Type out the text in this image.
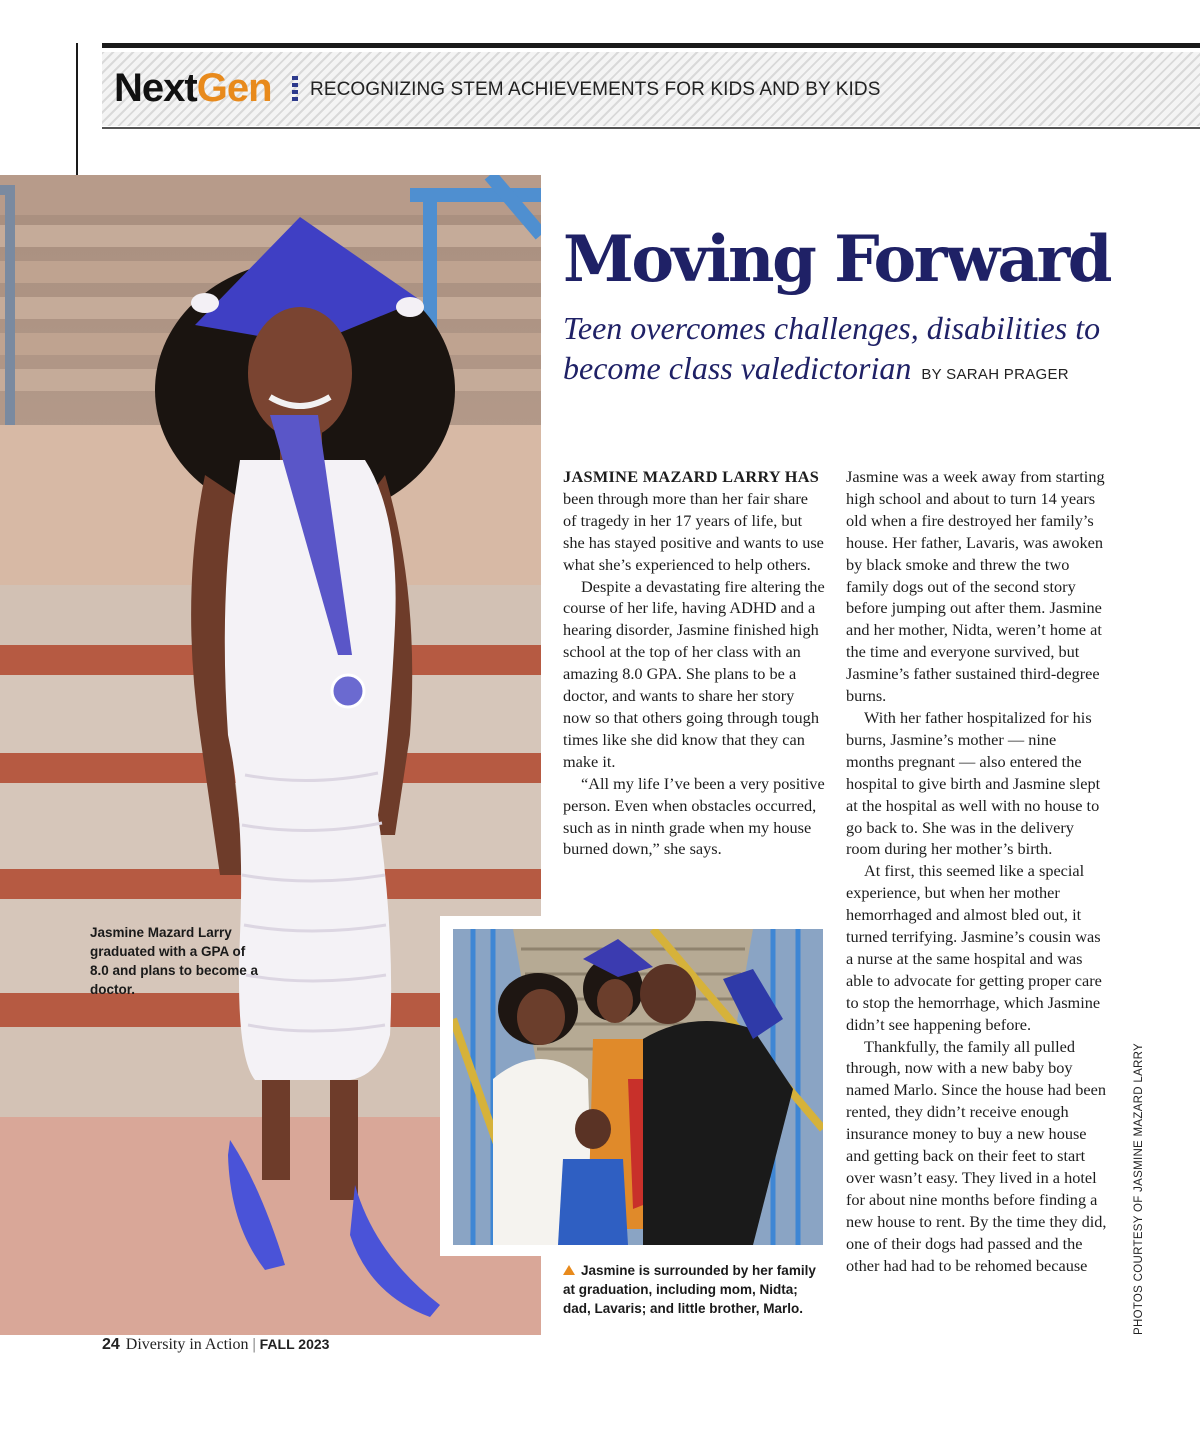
NextGen RECOGNIZING STEM ACHIEVEMENTS FOR KIDS AND BY KIDS
Moving Forward
Teen overcomes challenges, disabilities to become class valedictorian BY SARAH PRAGER

JASMINE MAZARD LARRY HAS been through more than her fair share of tragedy in her 17 years of life, but she has stayed positive and wants to use what she’s experienced to help others.

Despite a devastating fire altering the course of her life, having ADHD and a hearing disorder, Jasmine finished high school at the top of her class with an amazing 8.0 GPA. She plans to be a doctor, and wants to share her story now so that others going through tough times like she did know that they can make it.

“All my life I’ve been a very positive person. Even when obstacles occurred, such as in ninth grade when my house burned down,” she says.

Jasmine was a week away from starting high school and about to turn 14 years old when a fire destroyed her family’s house. Her father, Lavaris, was awoken by black smoke and threw the two family dogs out of the second story before jumping out after them. Jasmine and her mother, Nidta, weren’t home at the time and everyone survived, but Jasmine’s father sustained third-degree burns.

With her father hospitalized for his burns, Jasmine’s mother — nine months pregnant — also entered the hospital to give birth and Jasmine slept at the hospital as well with no house to go back to. She was in the delivery room during her mother’s birth.

At first, this seemed like a special experience, but when her mother hemorrhaged and almost bled out, it turned terrifying. Jasmine’s cousin was a nurse at the same hospital and was able to advocate for getting proper care to stop the hemorrhage, which Jasmine didn’t see happening before.

Thankfully, the family all pulled through, now with a new baby boy named Marlo. Since the house had been rented, they didn’t receive enough insurance money to buy a new house and getting back on their feet to start over wasn’t easy. They lived in a hotel for about nine months before finding a new house to rent. By the time they did, one of their dogs had passed and the other had had to be rehomed because

Jasmine Mazard Larry graduated with a GPA of 8.0 and plans to become a doctor.
Jasmine is surrounded by her family at graduation, including mom, Nidta; dad, Lavaris; and little brother, Marlo.	PHOTOS COURTESY OF JASMINE MAZARD LARRY
24 Diversity in Action | FALL 2023
